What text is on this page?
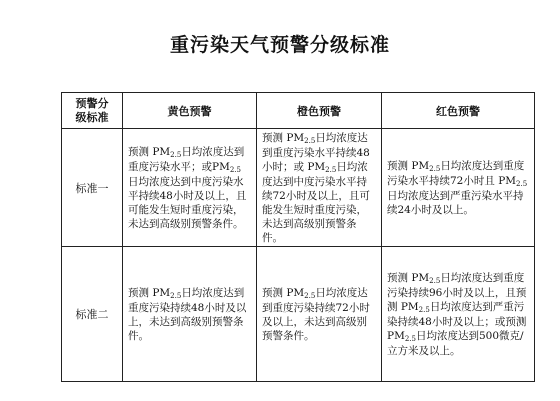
重污染天气预警分级标准
预警分级标准	黄色预警	橙色预警	红色预警
标准一	预测 $PM_{2.5}$日均浓度达到重度污染水平；或$PM_{2.5}$日均浓度达到中度污染水平持续48小时及以上，且可能发生短时重度污染，未达到高级别预警条件。	预测 $PM_{2.5}$日均浓度达到重度污染水平持续48小时；或 $PM_{2.5}$日均浓度达到中度污染水平持续72小时及以上，且可能发生短时重度污染，未达到高级别预警条件。	预测 $PM_{2.5}$日均浓度达到重度污染水平持续72小时且 $PM_{2.5}$日均浓度达到严重污染水平持续24小时及以上。
标准二	预测 $PM_{2.5}$日均浓度达到重度污染持续48小时及以上，未达到高级别预警条件。	预测 $PM_{2.5}$日均浓度达到重度污染持续72小时及以上，未达到高级别预警条件。	预测 $PM_{2.5}$日均浓度达到重度污染持续96小时及以上，且预测 $PM_{2.5}$日均浓度达到严重污染持续48小时及以上；或预测$PM_{2.5}$日均浓度达到500微克/立方米及以上。
